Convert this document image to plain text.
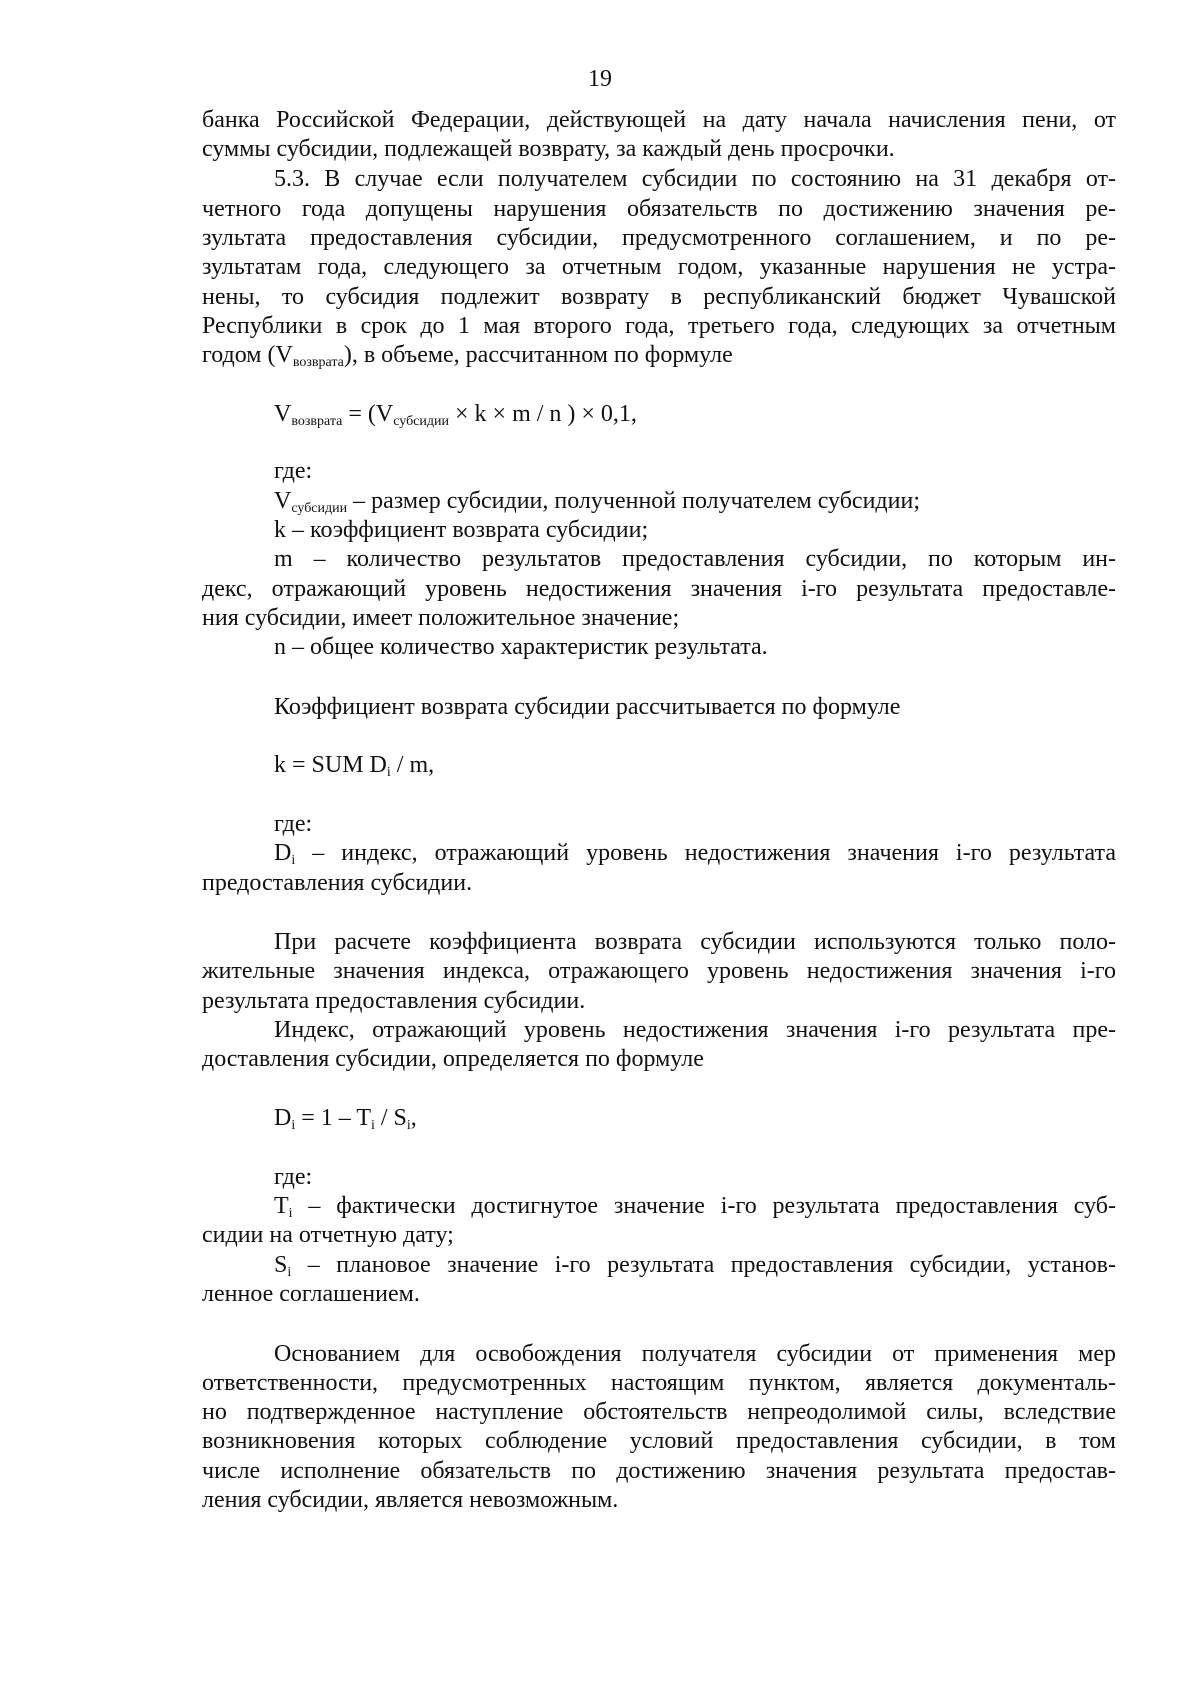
19
банка Российской Федерации, действующей на дату начала начисления пени, от
суммы субсидии, подлежащей возврату, за каждый день просрочки.
5.3. В случае если получателем субсидии по состоянию на 31 декабря от-
четного года допущены нарушения обязательств по достижению значения ре-
зультата предоставления субсидии, предусмотренного соглашением, и по ре-
зультатам года, следующего за отчетным годом, указанные нарушения не устра-
нены, то субсидия подлежит возврату в республиканский бюджет Чувашской
Республики в срок до 1 мая второго года, третьего года, следующих за отчетным
годом $(V_{возврата})$, в объеме, рассчитанном по формуле
$V_{возврата} = (V_{субсидии} \times k \times m / n$ ) × 0,1,
где:
$V_{субсидии}$ – размер субсидии, полученной получателем субсидии;
k – коэффициент возврата субсидии;
m – количество результатов предоставления субсидии, по которым ин-
декс, отражающий уровень недостижения значения i-го результата предоставле-
ния субсидии, имеет положительное значение;
n – общее количество характеристик результата.
Коэффициент возврата субсидии рассчитывается по формуле
k = SUM $D_i$ / m,
где:
$D_i$ – индекс, отражающий уровень недостижения значения i-го результата
предоставления субсидии.
При расчете коэффициента возврата субсидии используются только поло-
жительные значения индекса, отражающего уровень недостижения значения i-го
результата предоставления субсидии.
Индекс, отражающий уровень недостижения значения i-го результата пре-
доставления субсидии, определяется по формуле
$D_i = 1 - T_i / S_i$,
где:
$T_i$ – фактически достигнутое значение i-го результата предоставления суб-
сидии на отчетную дату;
$S_i$ – плановое значение i-го результата предоставления субсидии, установ-
ленное соглашением.
Основанием для освобождения получателя субсидии от применения мер
ответственности, предусмотренных настоящим пунктом, является документаль-
но подтвержденное наступление обстоятельств непреодолимой силы, вследствие
возникновения которых соблюдение условий предоставления субсидии, в том
числе исполнение обязательств по достижению значения результата предостав-
ления субсидии, является невозможным.
